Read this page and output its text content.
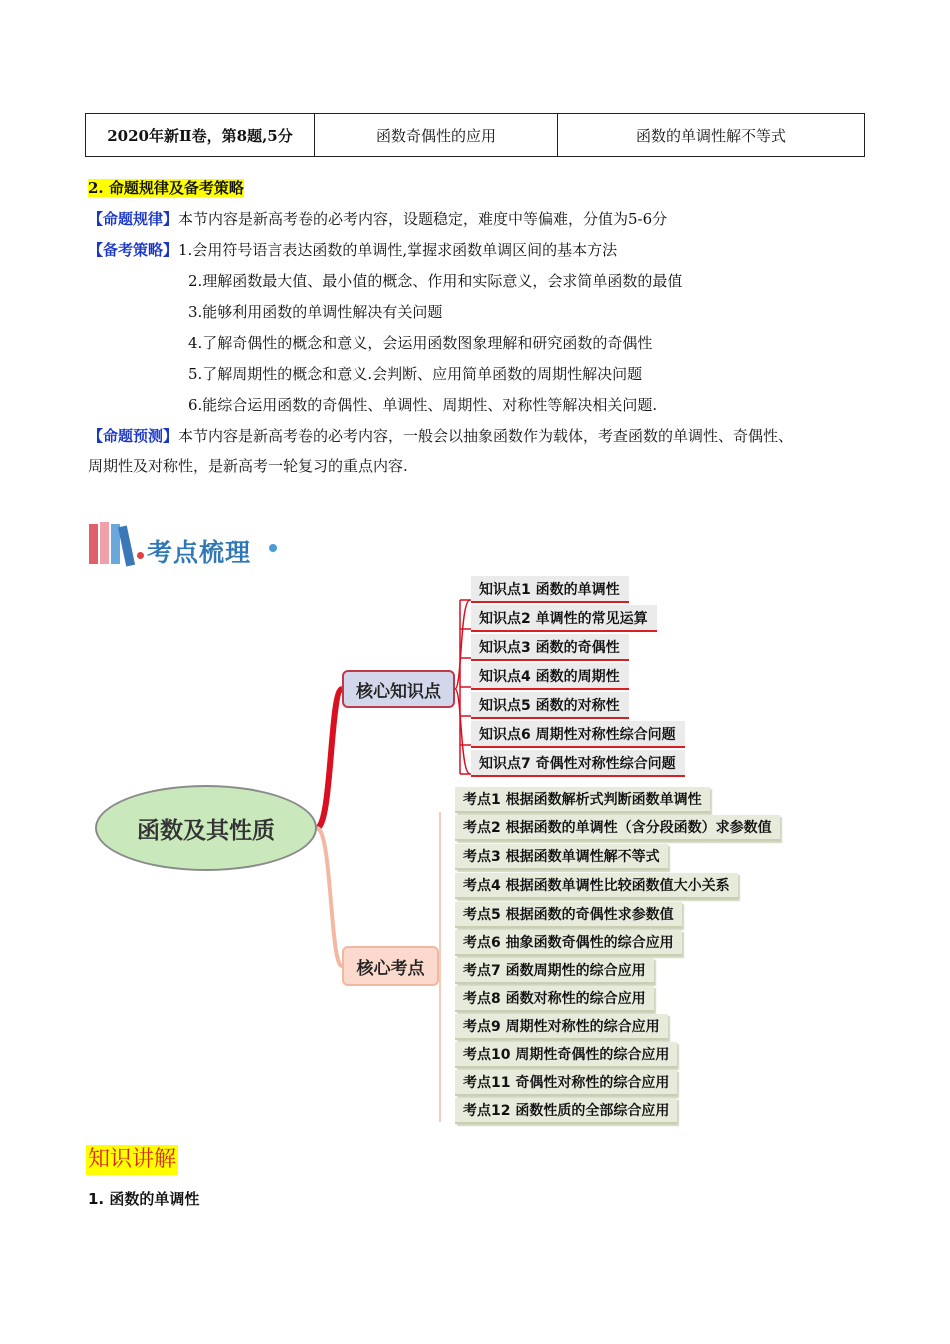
2020年新Ⅱ卷，第8题,5分	函数奇偶性的应用	函数的单调性解不等式
2. 命题规律及备考策略
【命题规律】本节内容是新高考卷的必考内容，设题稳定，难度中等偏难，分值为5-6分
【备考策略】1.会用符号语言表达函数的单调性,掌握求函数单调区间的基本方法
2.理解函数最大值、最小值的概念、作用和实际意义，会求简单函数的最值
3.能够利用函数的单调性解决有关问题
4.了解奇偶性的概念和意义，会运用函数图象理解和研究函数的奇偶性
5.了解周期性的概念和意义.会判断、应用简单函数的周期性解决问题
6.能综合运用函数的奇偶性、单调性、周期性、对称性等解决相关问题.
【命题预测】本节内容是新高考卷的必考内容，一般会以抽象函数作为载体，考查函数的单调性、奇偶性、
周期性及对称性，是新高考一轮复习的重点内容.
考点梳理
函数及其性质
核心知识点
核心考点
知识点1 函数的单调性
知识点2 单调性的常见运算
知识点3 函数的奇偶性
知识点4 函数的周期性
知识点5 函数的对称性
知识点6 周期性对称性综合问题
知识点7 奇偶性对称性综合问题
考点1 根据函数解析式判断函数单调性
考点2 根据函数的单调性（含分段函数）求参数值
考点3 根据函数单调性解不等式
考点4 根据函数单调性比较函数值大小关系
考点5 根据函数的奇偶性求参数值
考点6 抽象函数奇偶性的综合应用
考点7 函数周期性的综合应用
考点8 函数对称性的综合应用
考点9 周期性对称性的综合应用
考点10 周期性奇偶性的综合应用
考点11 奇偶性对称性的综合应用
考点12 函数性质的全部综合应用
知识讲解
1. 函数的单调性
